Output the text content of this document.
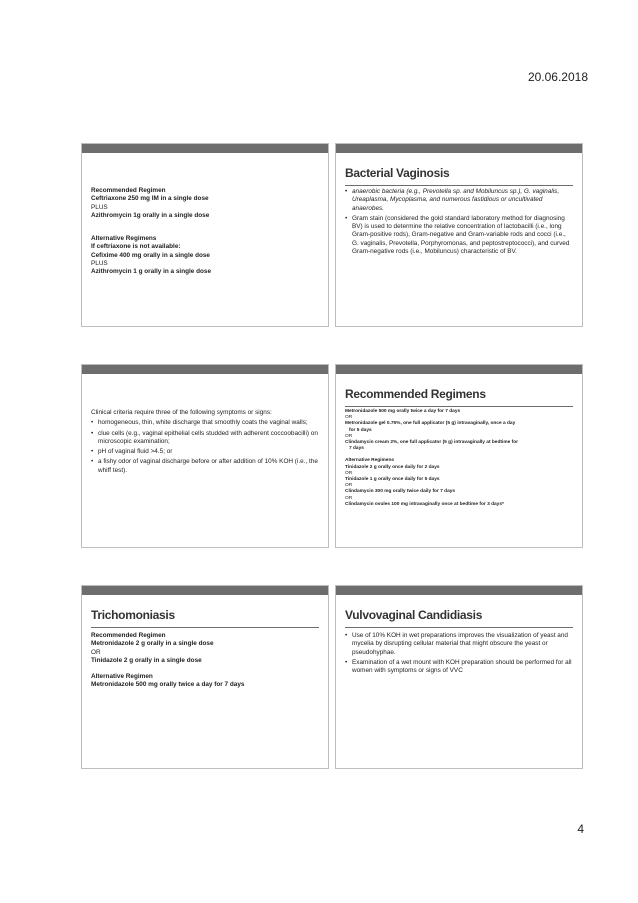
20.06.2018
Recommended Regimen
Ceftriaxone 250 mg IM in a single dose
PLUS
Azithromycin 1g orally in a single dose
Alternative Regimens
If ceftriaxone is not available:
Cefixime 400 mg orally in a single dose
PLUS
Azithromycin 1 g orally in a single dose
Bacterial Vaginosis
• anaerobic bacteria (e.g., Prevotella sp. and Mobiluncus sp.), G. vaginalis, Ureaplasma, Mycoplasma, and numerous fastidious or uncultivated anaerobes.
• Gram stain (considered the gold standard laboratory method for diagnosing BV) is used to determine the relative concentration of lactobacilli (i.e., long Gram-positive rods), Gram-negative and Gram-variable rods and cocci (i.e., G. vaginalis, Prevotella, Porphyromonas, and peptostreptococci), and curved Gram-negative rods (i.e., Mobiluncus) characteristic of BV.
Clinical criteria require three of the following symptoms or signs:
• homogeneous, thin, white discharge that smoothly coats the vaginal walls;
• clue cells (e.g., vaginal epithelial cells studded with adherent coccoobacilli) on microscopic examination;
• pH of vaginal fluid >4.5; or
• a fishy odor of vaginal discharge before or after addition of 10% KOH (i.e., the whiff test).
Recommended Regimens
Metronidazole 500 mg orally twice a day for 7 days
OR
Metronidazole gel 0.75%, one full applicator (5 g) intravaginally, once a day
for 5 days
OR
Clindamycin cream 2%, one full applicator (5 g) intravaginally at bedtime for
7 days
Alternative Regimens
Tinidazole 2 g orally once daily for 2 days
OR
Tinidazole 1 g orally once daily for 5 days
OR
Clindamycin 300 mg orally twice daily for 7 days
OR
Clindamycin ovules 100 mg intravaginally once at bedtime for 3 days*
Trichomoniasis
Recommended Regimen
Metronidazole 2 g orally in a single dose
OR
Tinidazole 2 g orally in a single dose
Alternative Regimen
Metronidazole 500 mg orally twice a day for 7 days
Vulvovaginal Candidiasis
• Use of 10% KOH in wet preparations improves the visualization of yeast and mycelia by disrupting cellular material that might obscure the yeast or pseudohyphae.
• Examination of a wet mount with KOH preparation should be performed for all women with symptoms or signs of VVC
4
